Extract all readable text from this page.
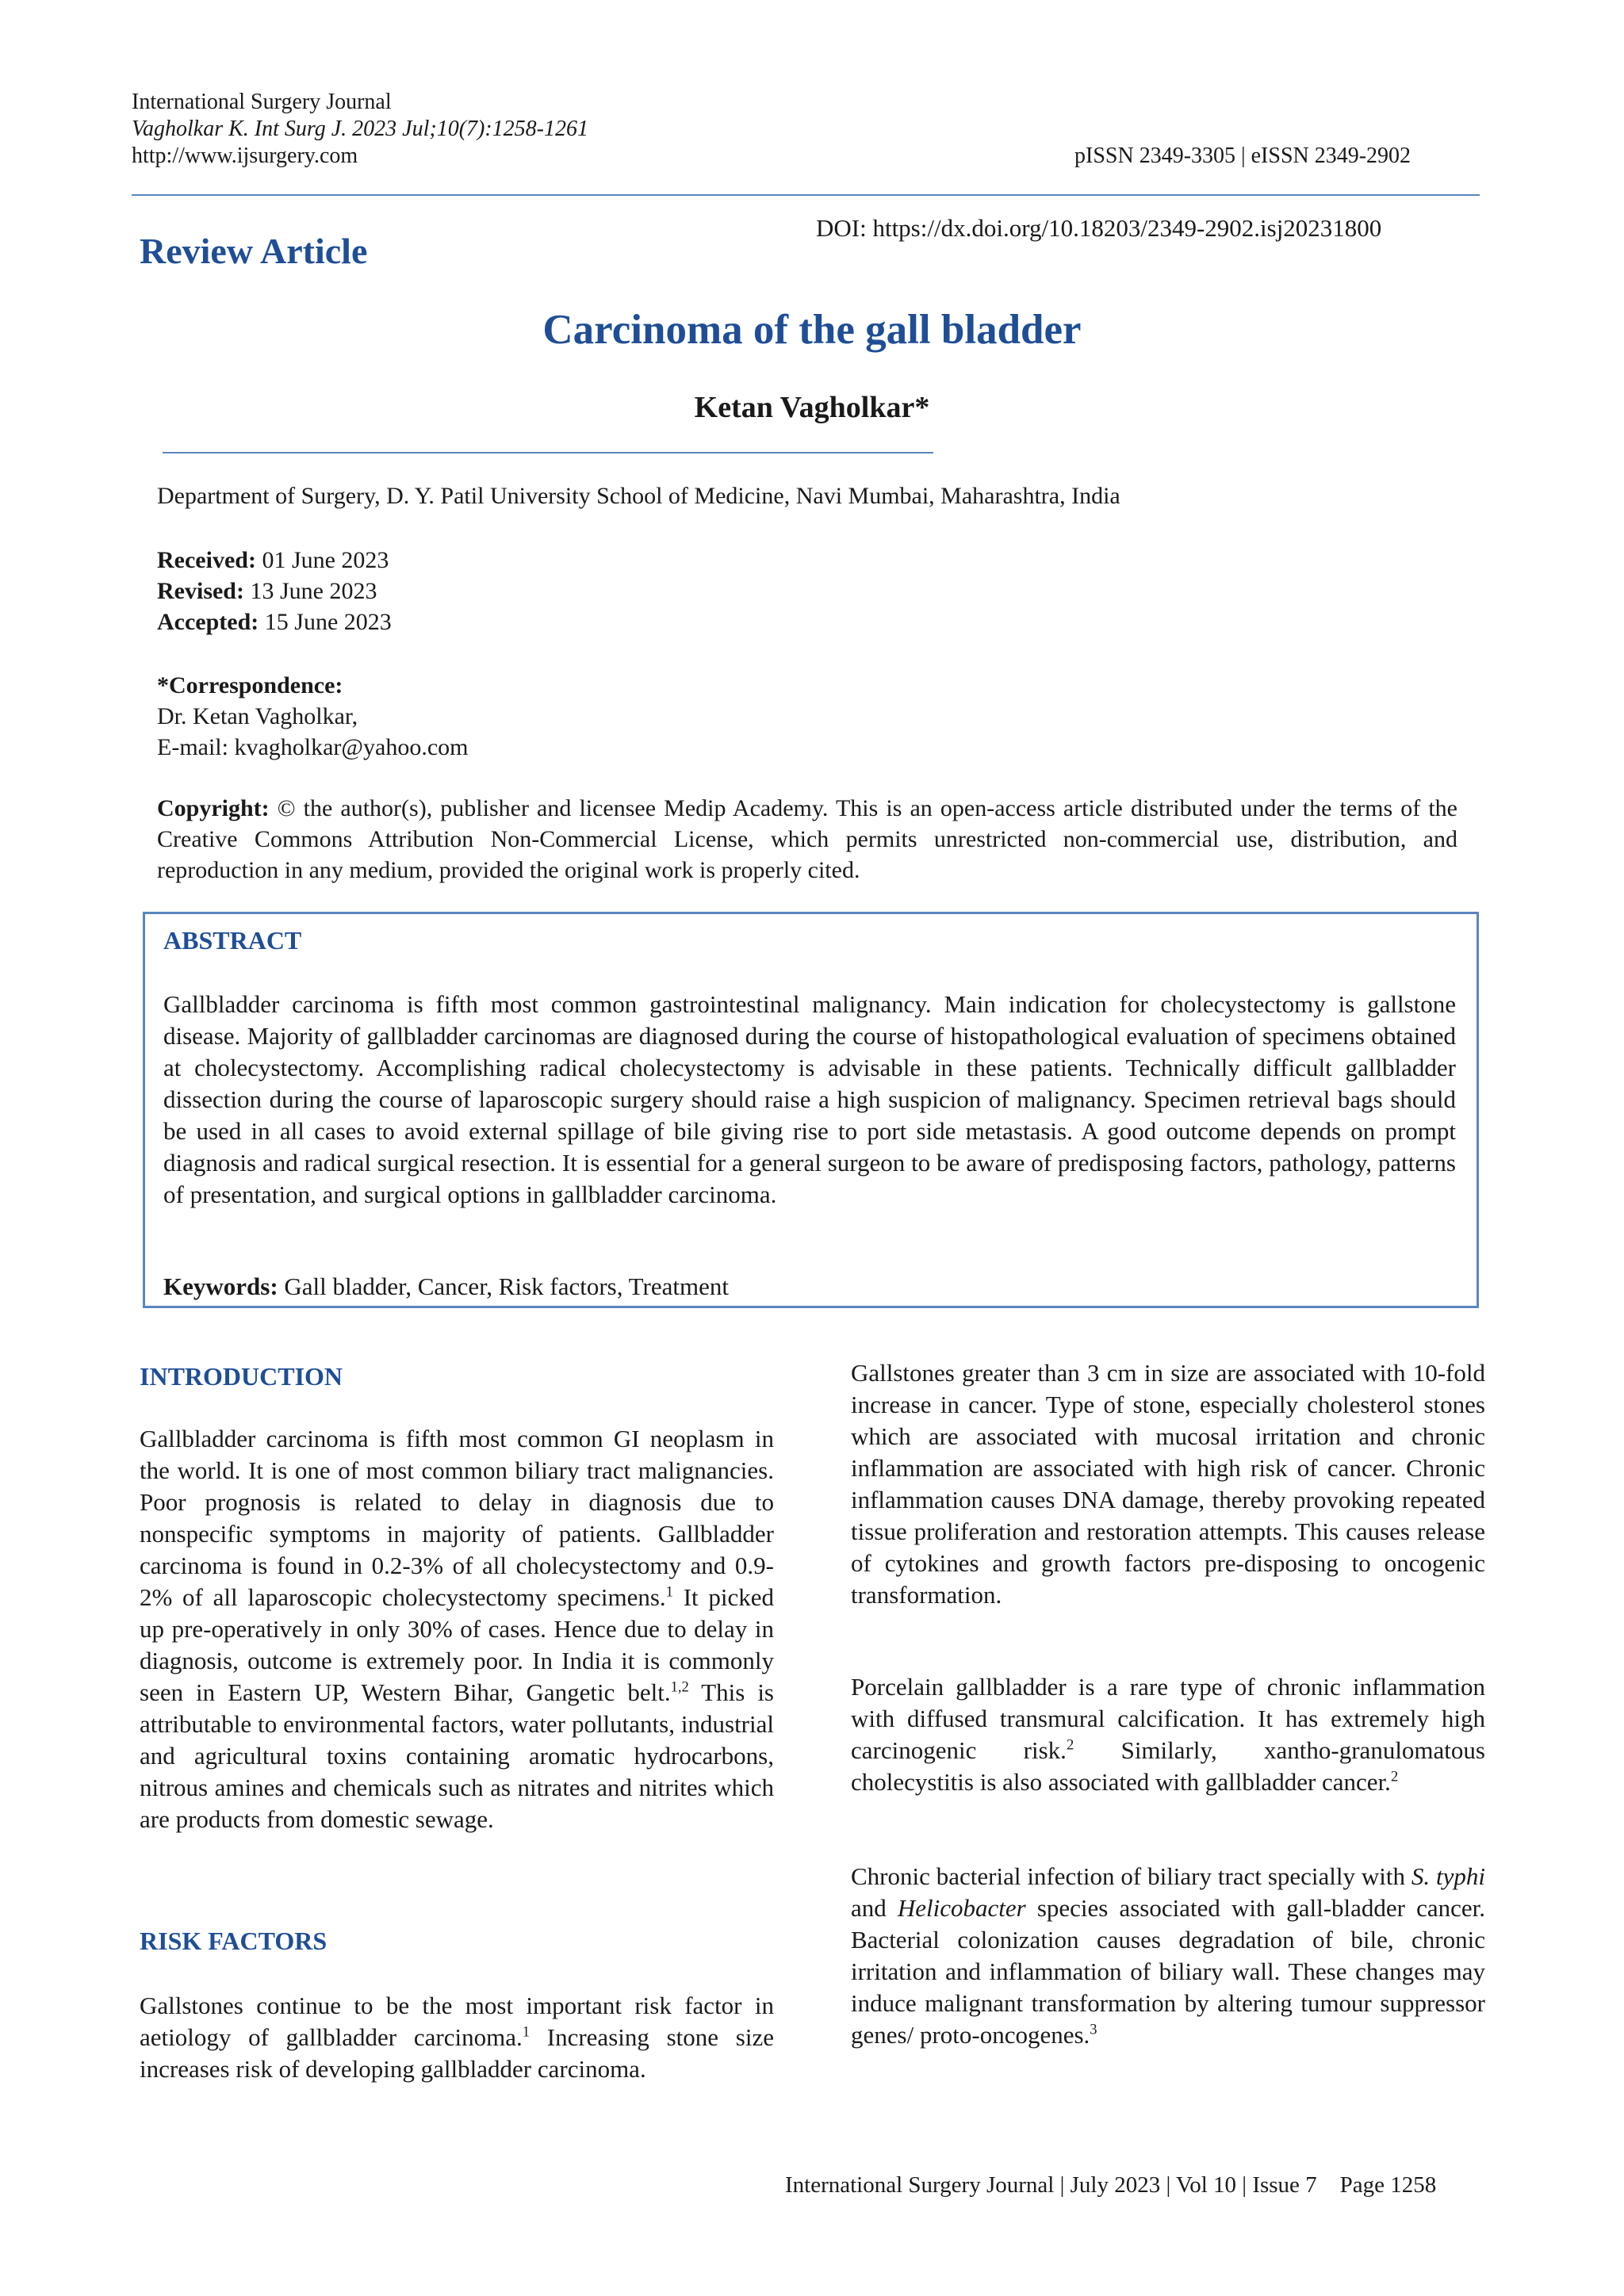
International Surgery Journal
Vagholkar K. Int Surg J. 2023 Jul;10(7):1258-1261
http://www.ijsurgery.com	pISSN 2349-3305 | eISSN 2349-2902
Review Article
DOI: https://dx.doi.org/10.18203/2349-2902.isj20231800
Carcinoma of the gall bladder
Ketan Vagholkar*
Department of Surgery, D. Y. Patil University School of Medicine, Navi Mumbai, Maharashtra, India
Received: 01 June 2023
Revised: 13 June 2023
Accepted: 15 June 2023
*Correspondence:
Dr. Ketan Vagholkar,
E-mail: kvagholkar@yahoo.com
Copyright: © the author(s), publisher and licensee Medip Academy. This is an open-access article distributed under the terms of the Creative Commons Attribution Non-Commercial License, which permits unrestricted non-commercial use, distribution, and reproduction in any medium, provided the original work is properly cited.
ABSTRACT
Gallbladder carcinoma is fifth most common gastrointestinal malignancy. Main indication for cholecystectomy is gallstone disease. Majority of gallbladder carcinomas are diagnosed during the course of histopathological evaluation of specimens obtained at cholecystectomy. Accomplishing radical cholecystectomy is advisable in these patients. Technically difficult gallbladder dissection during the course of laparoscopic surgery should raise a high suspicion of malignancy. Specimen retrieval bags should be used in all cases to avoid external spillage of bile giving rise to port side metastasis. A good outcome depends on prompt diagnosis and radical surgical resection. It is essential for a general surgeon to be aware of predisposing factors, pathology, patterns of presentation, and surgical options in gallbladder carcinoma.
Keywords: Gall bladder, Cancer, Risk factors, Treatment
INTRODUCTION
Gallbladder carcinoma is fifth most common GI neoplasm in the world. It is one of most common biliary tract malignancies. Poor prognosis is related to delay in diagnosis due to nonspecific symptoms in majority of patients. Gallbladder carcinoma is found in 0.2-3% of all cholecystectomy and 0.9-2% of all laparoscopic cholecystectomy specimens.$^1$ It picked up pre-operatively in only 30% of cases. Hence due to delay in diagnosis, outcome is extremely poor. In India it is commonly seen in Eastern UP, Western Bihar, Gangetic belt.$^{1,2}$ This is attributable to environmental factors, water pollutants, industrial and agricultural toxins containing aromatic hydrocarbons, nitrous amines and chemicals such as nitrates and nitrites which are products from domestic sewage.
RISK FACTORS
Gallstones continue to be the most important risk factor in aetiology of gallbladder carcinoma.$^1$ Increasing stone size increases risk of developing gallbladder carcinoma.
Gallstones greater than 3 cm in size are associated with 10-fold increase in cancer. Type of stone, especially cholesterol stones which are associated with mucosal irritation and chronic inflammation are associated with high risk of cancer. Chronic inflammation causes DNA damage, thereby provoking repeated tissue proliferation and restoration attempts. This causes release of cytokines and growth factors pre-disposing to oncogenic transformation.
Porcelain gallbladder is a rare type of chronic inflammation with diffused transmural calcification. It has extremely high carcinogenic risk.$^2$ Similarly, xantho-granulomatous cholecystitis is also associated with gallbladder cancer.$^2$
Chronic bacterial infection of biliary tract specially with S. typhi and Helicobacter species associated with gall-bladder cancer. Bacterial colonization causes degradation of bile, chronic irritation and inflammation of biliary wall. These changes may induce malignant transformation by altering tumour suppressor genes/ proto-oncogenes.$^3$
International Surgery Journal | July 2023 | Vol 10 | Issue 7    Page 1258
